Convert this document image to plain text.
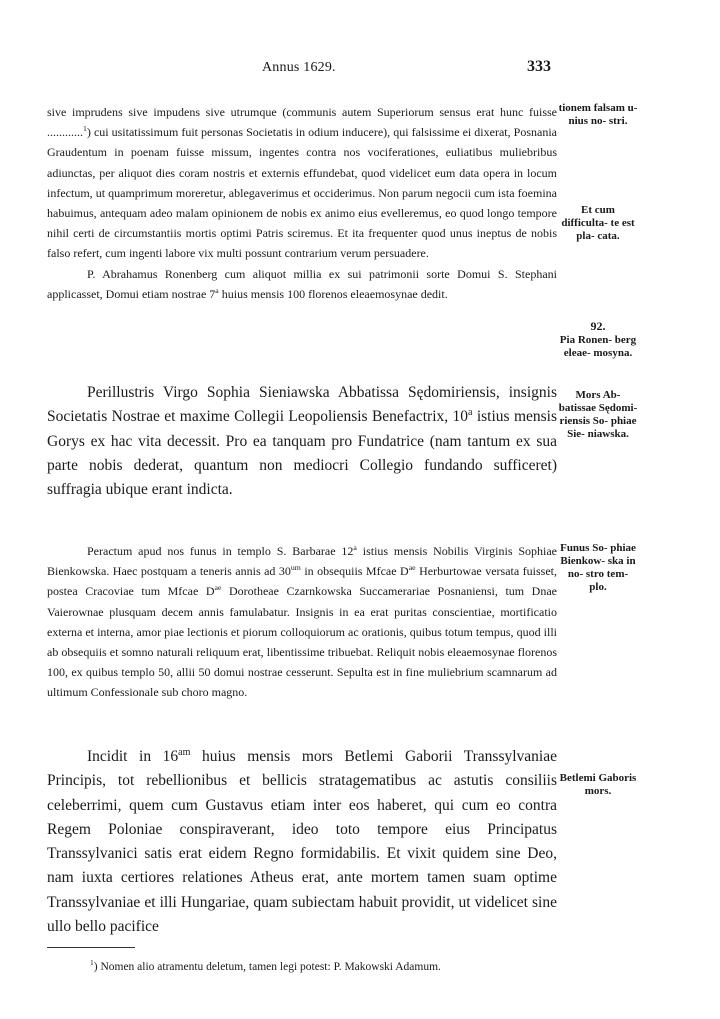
Annus 1629.	333

sive imprudens sive impudens sive utrumque (communis autem Superiorum sensus erat hunc fuisse ............$^1$) cui usitatissimum fuit personas Societatis in odium inducere), qui falsissime ei dixerat, Posnania Graudentum in poenam fuisse missum, ingentes contra nos vociferationes, euliatibus muliebribus adiunctas, per aliquot dies coram nostris et externis effundebat, quod videlicet eum data opera in locum infectum, ut quamprimum moreretur, ablegaverimus et occiderimus. Non parum negocii cum ista foemina habuimus, antequam adeo malam opinionem de nobis ex animo eius evelleremus, eo quod longo tempore nihil certi de circumstantiis mortis optimi Patris sciremus. Et ita frequenter quod unus ineptus de nobis falso refert, cum ingenti labore vix multi possunt contrarium verum persuadere.

P. Abrahamus Ronenberg cum aliquot millia ex sui patrimonii sorte Domui S. Stephani applicasset, Domui etiam nostrae 7$^a$ huius mensis 100 florenos eleaemosynae dedit.

Perillustris Virgo Sophia Sieniawska Abbatissa Sędomiriensis, insignis Societatis Nostrae et maxime Collegii Leopoliensis Benefactrix, 10$^a$ istius mensis Gorys ex hac vita decessit. Pro ea tanquam pro Fundatrice (nam tantum ex sua parte nobis dederat, quantum non mediocri Collegio fundando sufficeret) suffragia ubique erant indicta.

Peractum apud nos funus in templo S. Barbarae 12$^a$ istius mensis Nobilis Virginis Sophiae Bienkowska. Haec postquam a teneris annis ad $30^{um}$ in obsequiis Mfcae $D^{ae}$ Herburtowae versata fuisset, postea Cracoviae tum Mfcae $D^{ae}$ Dorotheae Czarnkowska Succamerariae Posnaniensi, tum Dnae Vaierownae plusquam decem annis famulabatur. Insignis in ea erat puritas conscientiae, mortificatio externa et interna, amor piae lectionis et piorum colloquiorum ac orationis, quibus totum tempus, quod illi ab obsequiis et somno naturali reliquum erat, libentissime tribuebat. Reliquit nobis eleaemosynae florenos 100, ex quibus templo 50, allii 50 domui nostrae cesserunt. Sepulta est in fine muliebrium scamnarum ad ultimum Confessionale sub choro magno.

Incidit in $16^{am}$ huius mensis mors Betlemi Gaborii Transsylvaniae Principis, tot rebellionibus et bellicis stratagematibus ac astutis consiliis celeberrimi, quem cum Gustavus etiam inter eos haberet, qui cum eo contra Regem Poloniae conspiraverant, ideo toto tempore eius Principatus Transsylvanici satis erat eidem Regno formidabilis. Et vixit quidem sine Deo, nam iuxta certiores relationes Atheus erat, ante mortem tamen suam optime Transsylvaniae et illi Hungariae, quam subiectam habuit providit, ut videlicet sine ullo bello pacifice

tionem falsam u- nius no- stri.
Et cum difficulta- te est pla- cata.
92.
Pia Ronen- berg eleae- mosyna.
Mors Ab- batissae Sędomi- riensis So- phiae Sie- niawska.
Funus So- phiae Bienkow- ska in no- stro tem- plo.
Betlemi Gaboris mors.
$^1$) Nomen alio atramentu deletum, tamen legi potest: P. Makowski Adamum.
